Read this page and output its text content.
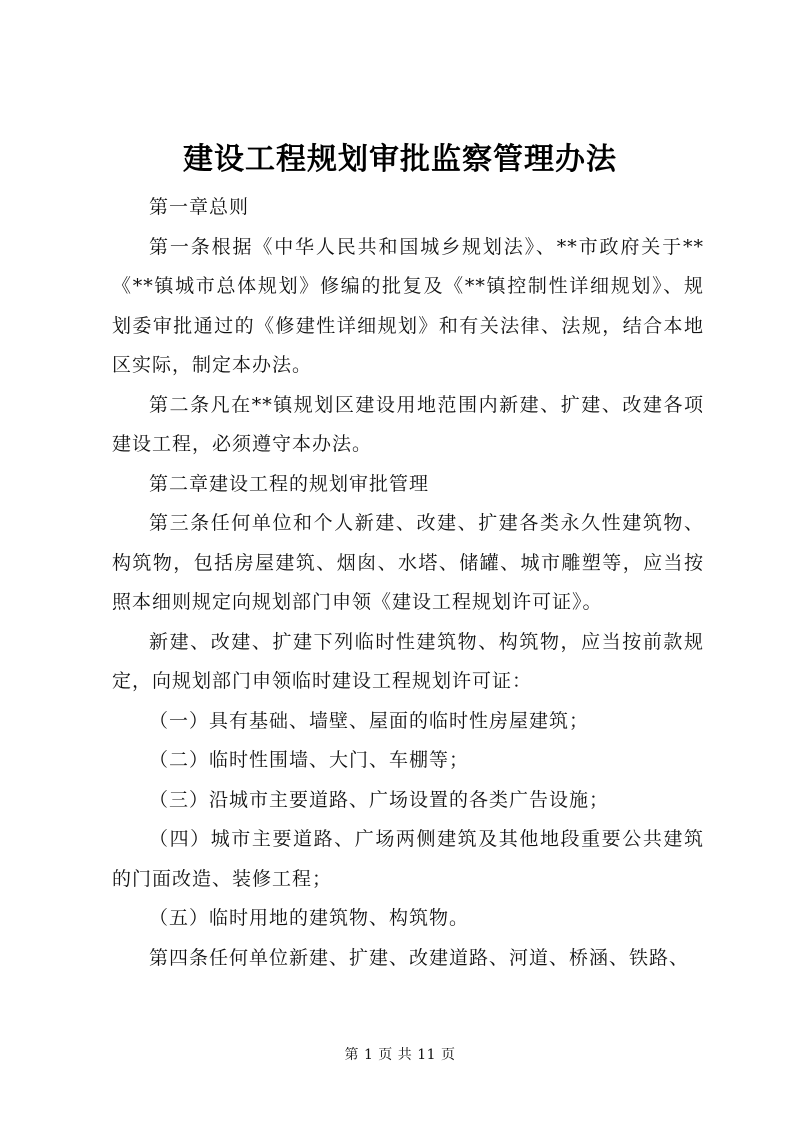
建设工程规划审批监察管理办法

第一章总则

第一条根据《中华人民共和国城乡规划法》、**市政府关于**《**镇城市总体规划》修编的批复及《**镇控制性详细规划》、规划委审批通过的《修建性详细规划》和有关法律、法规，结合本地区实际，制定本办法。

第二条凡在**镇规划区建设用地范围内新建、扩建、改建各项建设工程，必须遵守本办法。

第二章建设工程的规划审批管理

第三条任何单位和个人新建、改建、扩建各类永久性建筑物、构筑物，包括房屋建筑、烟囱、水塔、储罐、城市雕塑等，应当按照本细则规定向规划部门申领《建设工程规划许可证》。

新建、改建、扩建下列临时性建筑物、构筑物，应当按前款规定，向规划部门申领临时建设工程规划许可证：

（一）具有基础、墙壁、屋面的临时性房屋建筑；

（二）临时性围墙、大门、车棚等；

（三）沿城市主要道路、广场设置的各类广告设施；

（四）城市主要道路、广场两侧建筑及其他地段重要公共建筑的门面改造、装修工程；

（五）临时用地的建筑物、构筑物。

第四条任何单位新建、扩建、改建道路、河道、桥涵、铁路、

第 1 页 共 11 页
